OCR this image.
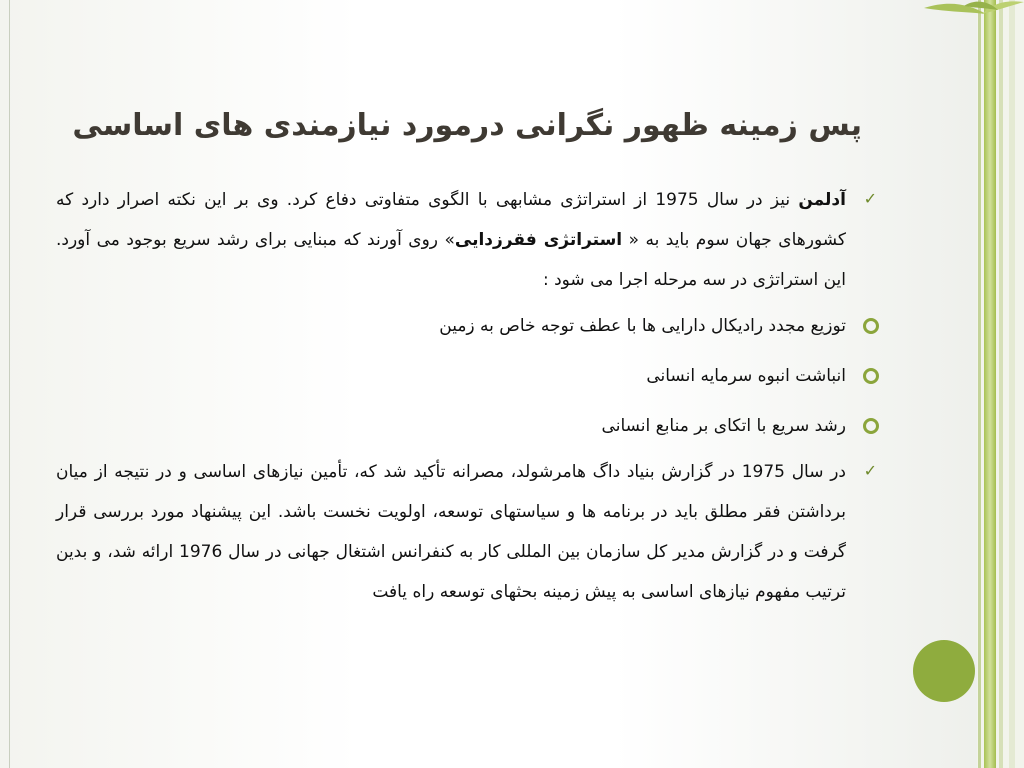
پس زمینه ظهور نگرانی درمورد نیازمندی های اساسی

✓
آدلمن نیز در سال 1975 از استراتژی مشابهی با الگوی متفاوتی دفاع کرد. وی بر این نکته اصرار دارد که کشورهای جهان سوم باید به « استراتژی فقرزدایی» روی آورند که مبنایی برای رشد سریع بوجود می آورد. این استراتژی در سه مرحله اجرا می شود :

توزیع مجدد رادیکال دارایی ها با عطف توجه خاص به زمین

انباشت انبوه سرمایه انسانی

رشد سریع با اتکای بر منابع انسانی

✓
در سال 1975 در گزارش بنیاد داگ هامرشولد، مصرانه تأکید شد که، تأمین نیازهای اساسی و در نتیجه از میان برداشتن فقر مطلق باید در برنامه ها و سیاستهای توسعه، اولویت نخست باشد. این پیشنهاد مورد بررسی قرار گرفت و در گزارش مدیر کل سازمان بین المللی کار به کنفرانس اشتغال جهانی در سال 1976 ارائه شد، و بدین ترتیب مفهوم نیازهای اساسی به پیش زمینه بحثهای توسعه راه یافت
